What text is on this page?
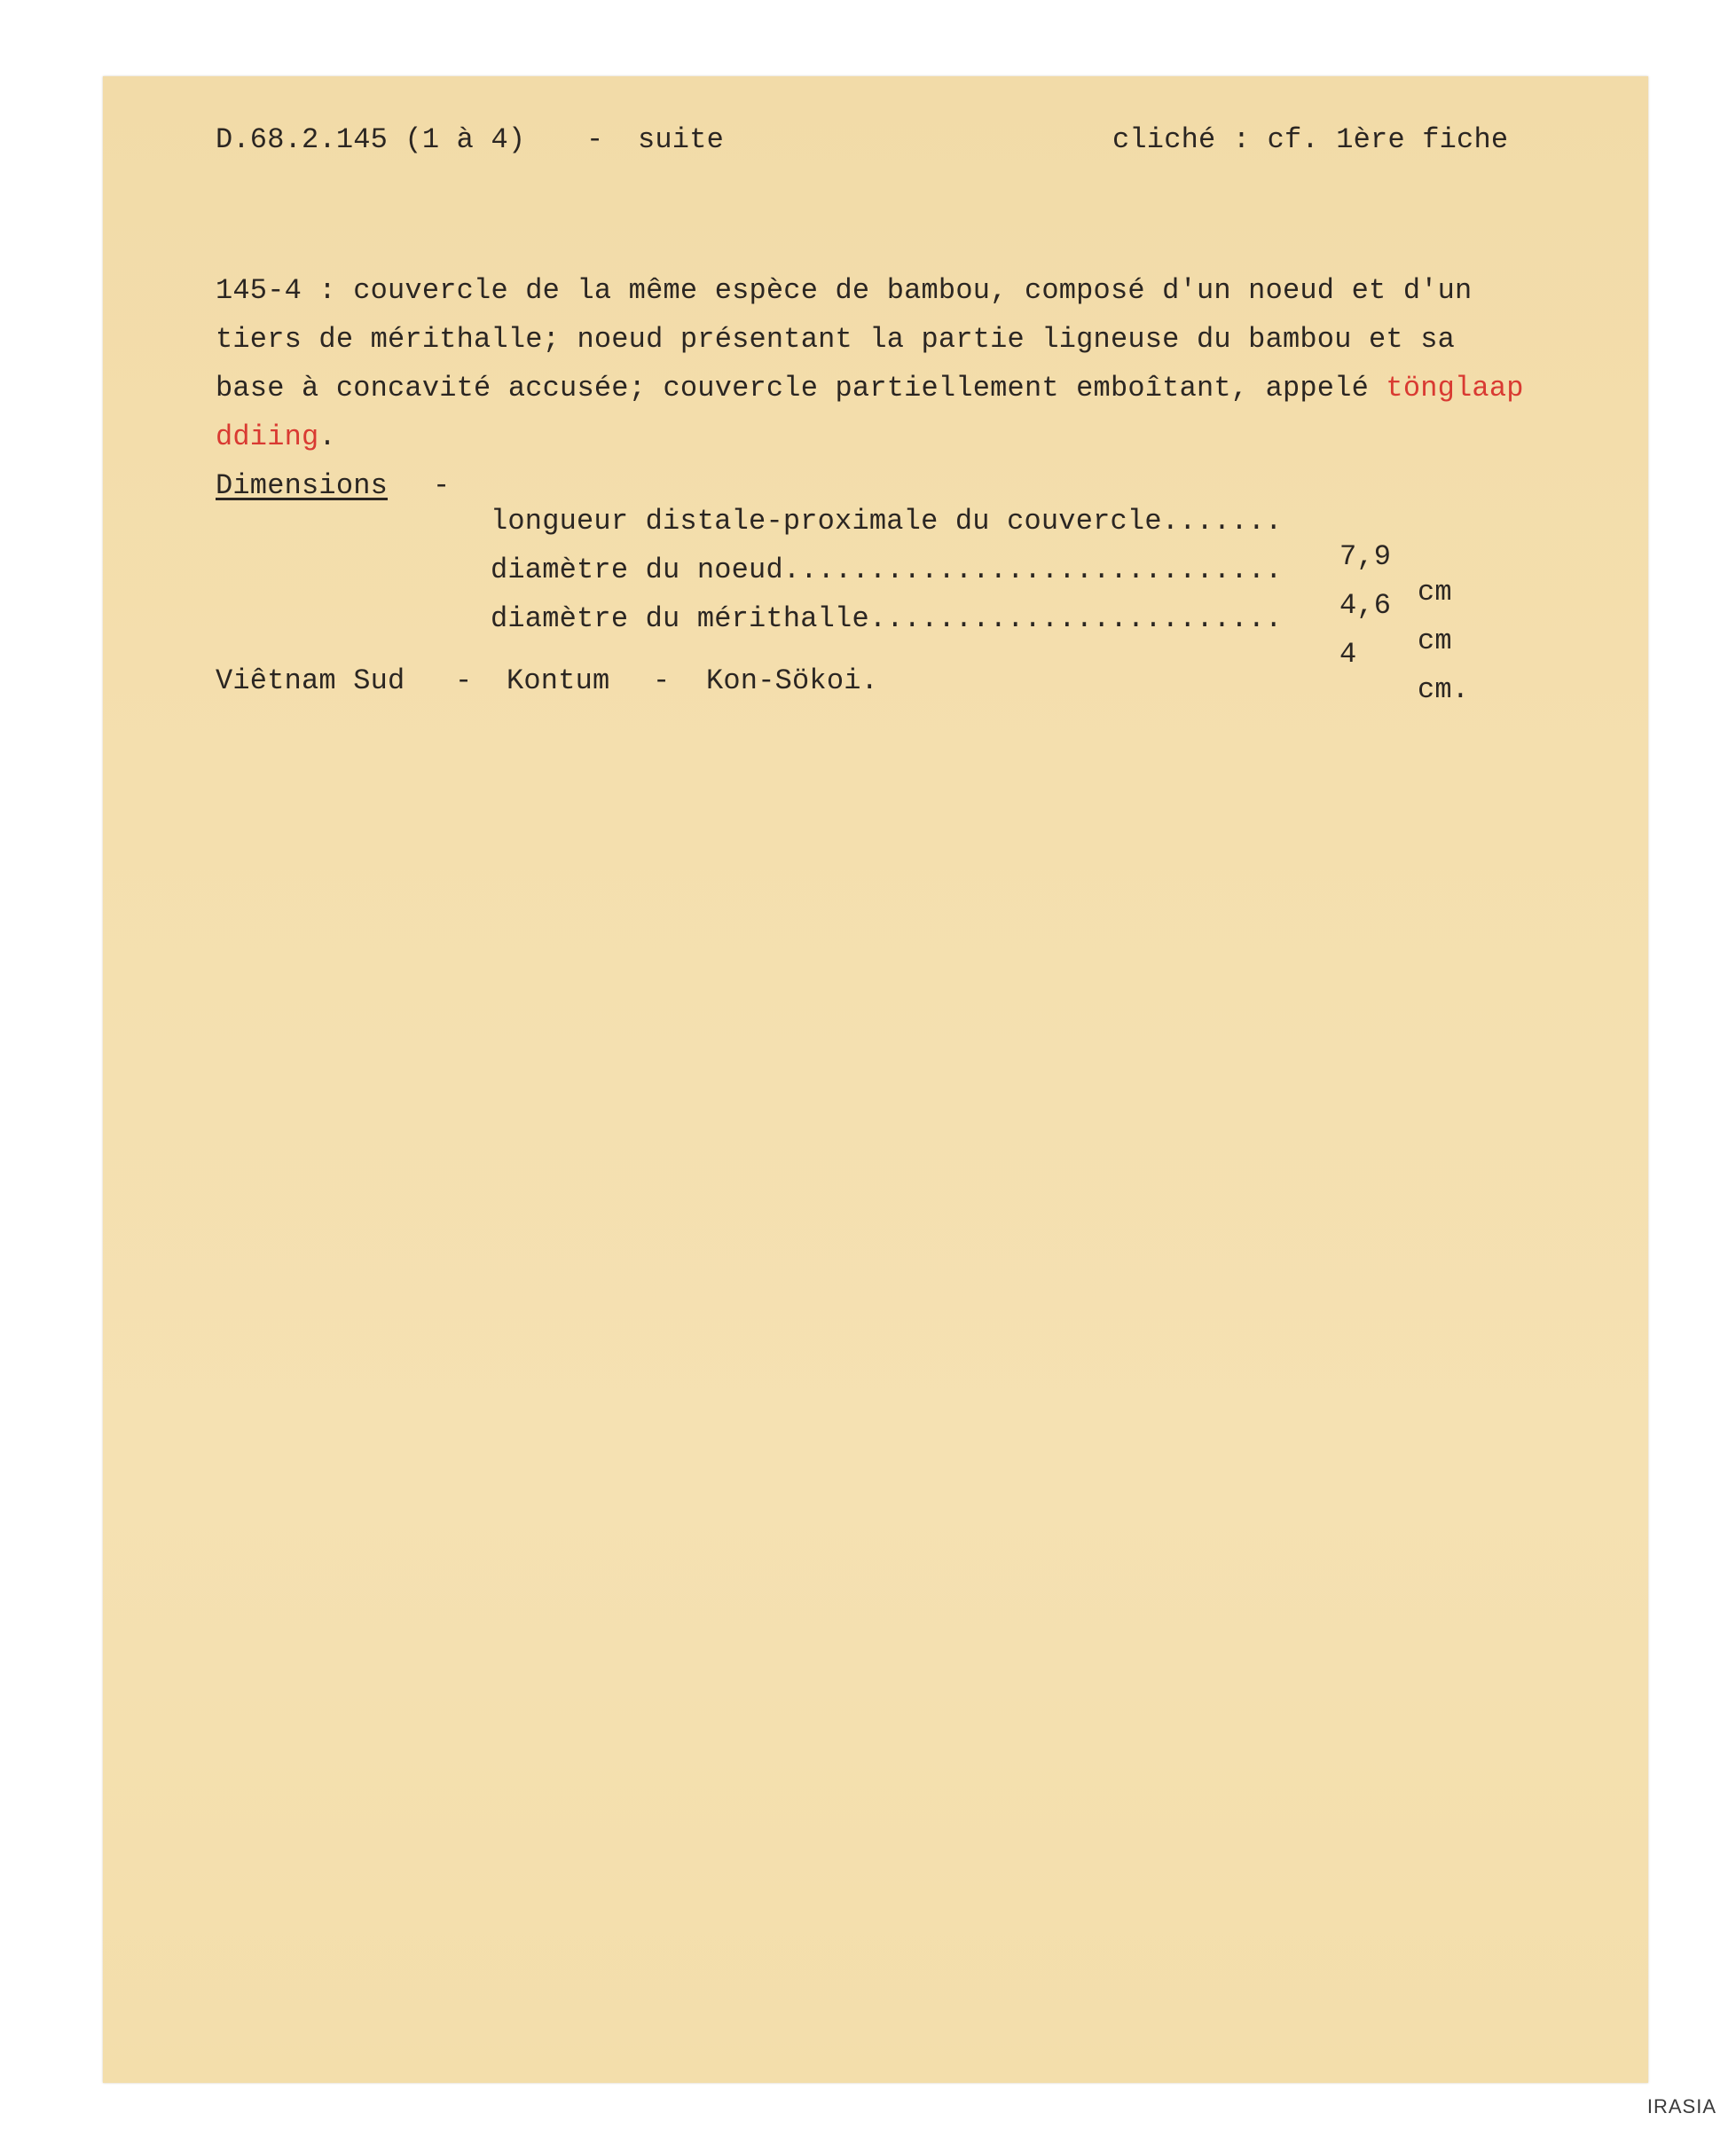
D.68.2.145 (1 à 4) - suite	cliché : cf. 1ère fiche
145-4 : couvercle de la même espèce de bambou, composé d'un noeud et d'un
tiers de mérithalle; noeud présentant la partie ligneuse du bambou et sa
base à concavité accusée; couvercle partiellement emboîtant, appelé tönglaap
ddiing.
Dimensions -

longueur distale-proximale du couvercle.......

7,9

cm

diamètre du noeud.............................

4,6

cm

diamètre du mérithalle........................

4

cm.

Viêtnam Sud - Kontum - Kon-Sökoi.
IRASIA
